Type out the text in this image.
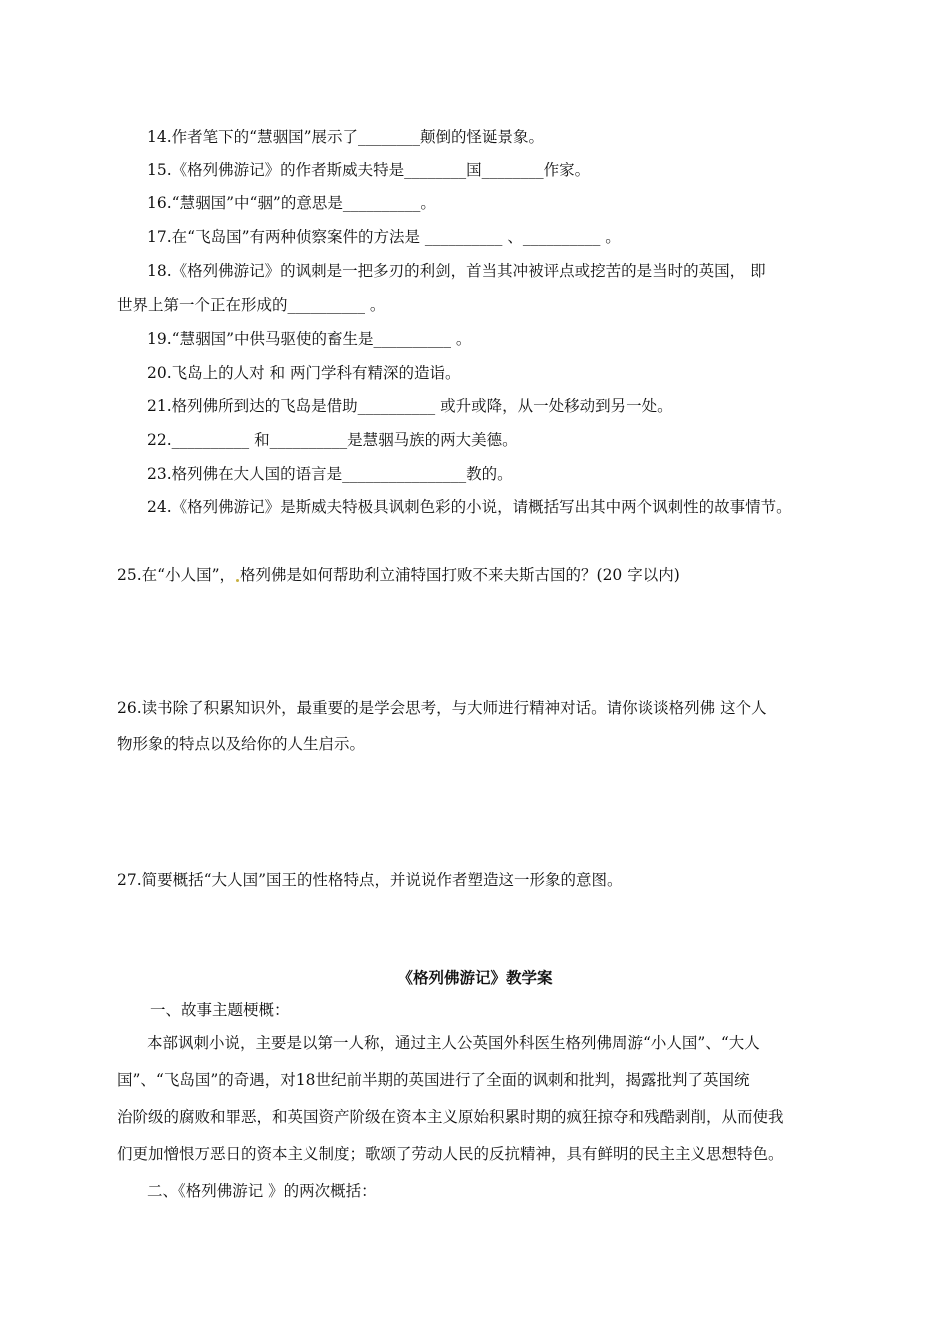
14.作者笔下的“慧骃国”展示了________颠倒的怪诞景象。
15.《格列佛游记》的作者斯威夫特是________国________作家。
16.“慧骃国”中“骃”的意思是__________。
17.在“飞岛国”有两种侦察案件的方法是 __________ 、__________ 。
18.《格列佛游记》的讽刺是一把多刃的利剑，首当其冲被评点或挖苦的是当时的英国， 即
世界上第一个正在形成的__________ 。
19.“慧骃国”中供马驱使的畜生是__________ 。
20.飞岛上的人对 和 两门学科有精深的造诣。
21.格列佛所到达的飞岛是借助__________ 或升或降，从一处移动到另一处。
22.__________ 和__________是慧骃马族的两大美德。
23.格列佛在大人国的语言是________________教的。
24.《格列佛游记》是斯威夫特极具讽刺色彩的小说，请概括写出其中两个讽刺性的故事情节。
25.在“小人国”， 格列佛是如何帮助利立浦特国打败不来夫斯古国的？(20 字以内)
26.读书除了积累知识外，最重要的是学会思考，与大师进行精神对话。请你谈谈格列佛 这个人
物形象的特点以及给你的人生启示。
27.简要概括“大人国”国王的性格特点，并说说作者塑造这一形象的意图。
《格列佛游记》教学案
一、故事主题梗概：
本部讽刺小说，主要是以第一人称，通过主人公英国外科医生格列佛周游“小人国”、“大人
国”、“飞岛国”的奇遇，对18世纪前半期的英国进行了全面的讽刺和批判，揭露批判了英国统
治阶级的腐败和罪恶，和英国资产阶级在资本主义原始积累时期的疯狂掠夺和残酷剥削，从而使我
们更加憎恨万恶日的资本主义制度；歌颂了劳动人民的反抗精神，具有鲜明的民主主义思想特色。
二、《格列佛游记 》的两次概括：
